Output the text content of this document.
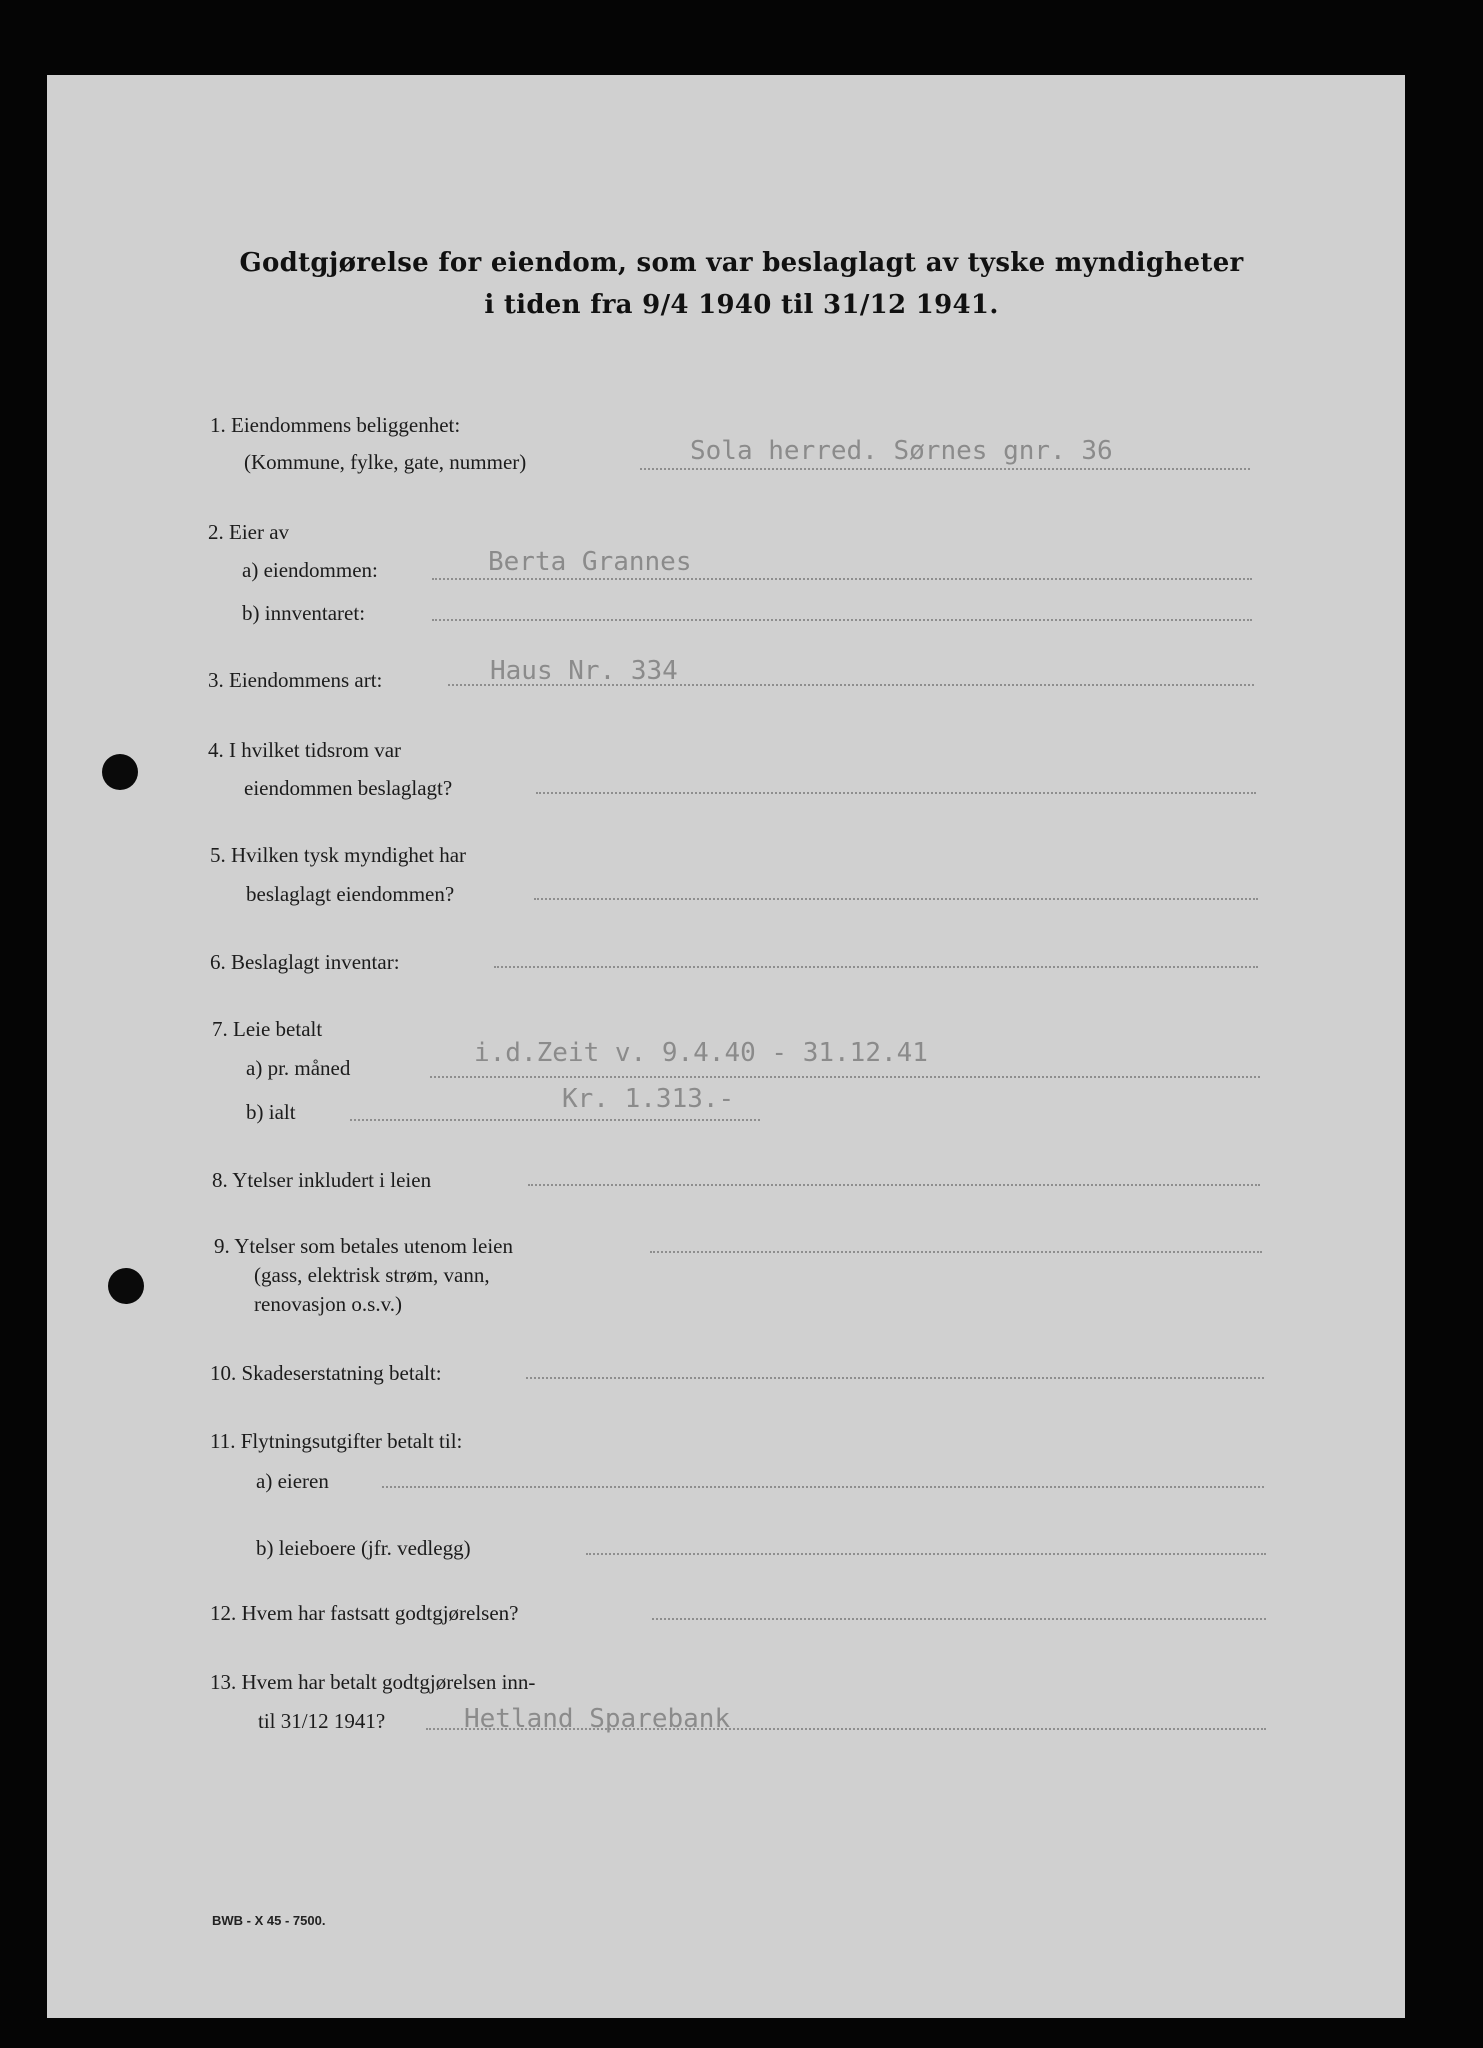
Godtgjørelse for eiendom, som var beslaglagt av tyske myndigheter
i tiden fra 9/4 1940 til 31/12 1941.
1. Eiendommens beliggenhet:
(Kommune, fylke, gate, nummer)	Sola herred. Sørnes gnr. 36
2. Eier av
a) eiendommen:	Berta Grannes
b) innventaret:
3. Eiendommens art:	Haus Nr. 334
4. I hvilket tidsrom var
eiendommen beslaglagt?
5. Hvilken tysk myndighet har
beslaglagt eiendommen?
6. Beslaglagt inventar:
7. Leie betalt
a) pr. måned	i.d.Zeit v. 9.4.40 - 31.12.41
b) ialt	Kr. 1.313.-
8. Ytelser inkludert i leien
9. Ytelser som betales utenom leien
(gass, elektrisk strøm, vann,
renovasjon o.s.v.)
10. Skadeserstatning betalt:
11. Flytningsutgifter betalt til:
a) eieren
b) leieboere (jfr. vedlegg)
12. Hvem har fastsatt godtgjørelsen?
13. Hvem har betalt godtgjørelsen inn-
til 31/12 1941?	Hetland Sparebank
BWB - X 45 - 7500.
